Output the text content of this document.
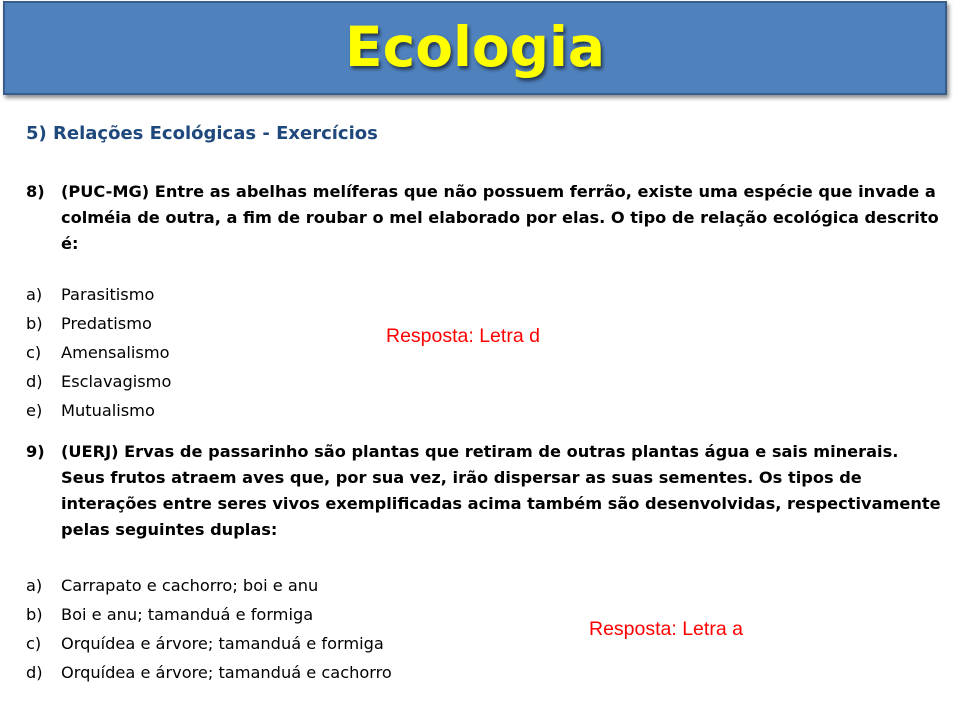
Ecologia

5) Relações Ecológicas - Exercícios

8) (PUC-MG) Entre as abelhas melíferas que não possuem ferrão, existe uma espécie que invade a colméia de outra, a fim de roubar o mel elaborado por elas. O tipo de relação ecológica descrito é:

a) Parasitismo
b) Predatismo
c) Amensalismo
d) Esclavagismo
e) Mutualismo
Resposta: Letra d

9) (UERJ) Ervas de passarinho são plantas que retiram de outras plantas água e sais minerais. Seus frutos atraem aves que, por sua vez, irão dispersar as suas sementes. Os tipos de interações entre seres vivos exemplificadas acima também são desenvolvidas, respectivamente pelas seguintes duplas:

a) Carrapato e cachorro; boi e anu
b) Boi e anu; tamanduá e formiga
c) Orquídea e árvore; tamanduá e formiga
d) Orquídea e árvore; tamanduá e cachorro
Resposta: Letra a
